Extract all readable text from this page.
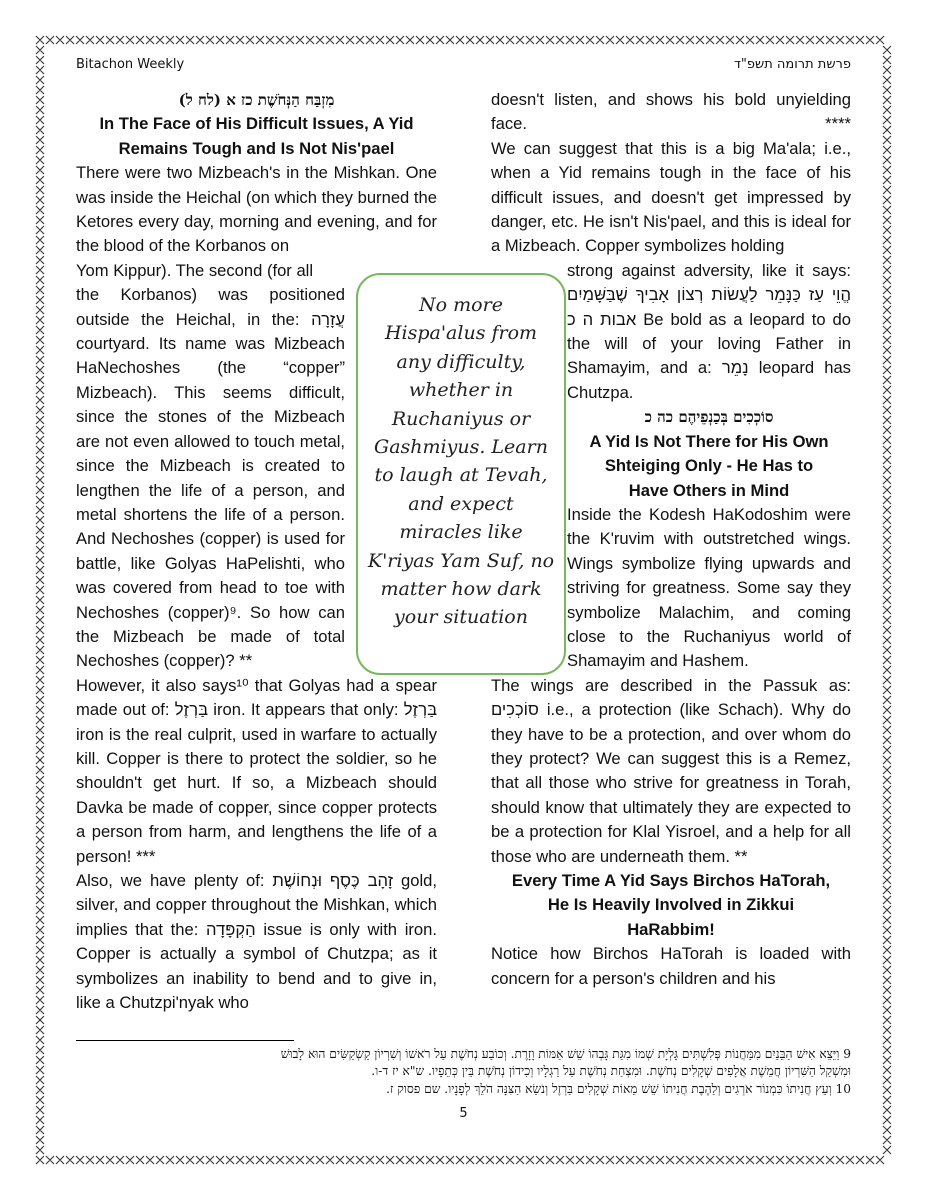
Bitachon Weekly	פרשת תרומה תשפ"ד

מִזְבַּח הַנְּחֹשֶׁת כז א (לח ל)

In The Face of His Difficult Issues, A Yid

Remains Tough and Is Not Nis'pael

There were two Mizbeach's in the Mishkan. One was inside the Heichal (on which they burned the Ketores every day, morning and evening, and for the blood of the Korbanos on

Yom Kippur). The second (for all

the Korbanos) was positioned outside the Heichal, in the: עֲזָרָה courtyard. Its name was Mizbeach HaNechoshes (the “copper” Mizbeach). This seems difficult, since the stones of the Mizbeach are not even allowed to touch metal, since the Mizbeach is created to lengthen the life of a person, and metal shortens the life of a person. And Nechoshes (copper) is used for battle, like Golyas HaPelishti, who was covered from head to toe with Nechoshes (copper)⁹. So how can the Mizbeach be made of total Nechoshes (copper)? **

However, it also says¹⁰ that Golyas had a spear made out of: בַּרְזֶל iron. It appears that only: בַּרְזֶל iron is the real culprit, used in warfare to actually kill. Copper is there to protect the soldier, so he shouldn't get hurt. If so, a Mizbeach should Davka be made of copper, since copper protects a person from harm, and lengthens the life of a person! ***

Also, we have plenty of: זָהָב כֶּסֶף וּנְחוֹשֶׁת gold, silver, and copper throughout the Mishkan, which implies that the: הַקְפָּדָה issue is only with iron. Copper is actually a symbol of Chutzpa; as it symbolizes an inability to bend and to give in, like a Chutzpi'nyak who

doesn't listen, and shows his bold unyielding face.	****

We can suggest that this is a big Ma'ala; i.e., when a Yid remains tough in the face of his difficult issues, and doesn't get impressed by danger, etc. He isn't Nis'pael, and this is ideal for a Mizbeach. Copper symbolizes holding

strong against adversity, like it says: הֱוֵי עַז כַּנָּמֵר לַעֲשׂוֹת רְצוֹן אָבִיךָ שֶׁבַּשָּׁמַיִם אבות ה כ Be bold as a leopard to do the will of your loving Father in Shamayim, and a: נָמֵר leopard has Chutzpa.

סוֹכְכִים בְּכַנְפֵיהֶם כה כ

A Yid Is Not There for His Own

Shteiging Only - He Has to

Have Others in Mind

Inside the Kodesh HaKodoshim were the K'ruvim with outstretched wings. Wings symbolize flying upwards and striving for greatness. Some say they symbolize Malachim, and coming close to the Ruchaniyus world of Shamayim and Hashem.

The wings are described in the Passuk as: סוֹכְכִים i.e., a protection (like Schach). Why do they have to be a protection, and over whom do they protect? We can suggest this is a Remez, that all those who strive for greatness in Torah, should know that ultimately they are expected to be a protection for Klal Yisroel, and a help for all those who are underneath them. **

Every Time A Yid Says Birchos HaTorah,

He Is Heavily Involved in Zikkui

HaRabbim!

Notice how Birchos HaTorah is loaded with concern for a person's children and his

No more Hispa'alus from any difficulty, whether in Ruchaniyus or Gashmiyus. Learn to laugh at Tevah, and expect miracles like K'riyas Yam Suf, no matter how dark your situation
9 וַיֵּצֵא אִישׁ הַבֵּנַיִם מִמַּחֲנוֹת פְּלִשְׁתִּים גָּלְיָת שְׁמוֹ מִגַּת גָּבְהוֹ שֵׁשׁ אַמּוֹת וָזָרֶת. וְכוֹבַע נְחֹשֶׁת עַל רֹאשׁוֹ וְשִׁרְיוֹן קַשְׂקַשִּׂים הוּא לָבוּשׁ
וּמִשְׁקַל הַשִּׁרְיוֹן חֲמֵשֶׁת אֲלָפִים שְׁקָלִים נְחֹשֶׁת. וּמִצְחַת נְחֹשֶׁת עַל רַגְלָיו וְכִידוֹן נְחֹשֶׁת בֵּין כְּתֵפָיו. ש"א יז ד-ו.
10 וְעֵץ חֲנִיתוֹ כִּמְנוֹר אֹרְגִים וְלַהֶבֶת חֲנִיתוֹ שֵׁשׁ מֵאוֹת שְׁקָלִים בַּרְזֶל וְנֹשֵׂא הַצִּנָּה הֹלֵךְ לְפָנָיו. שם פסוק ז.
5
